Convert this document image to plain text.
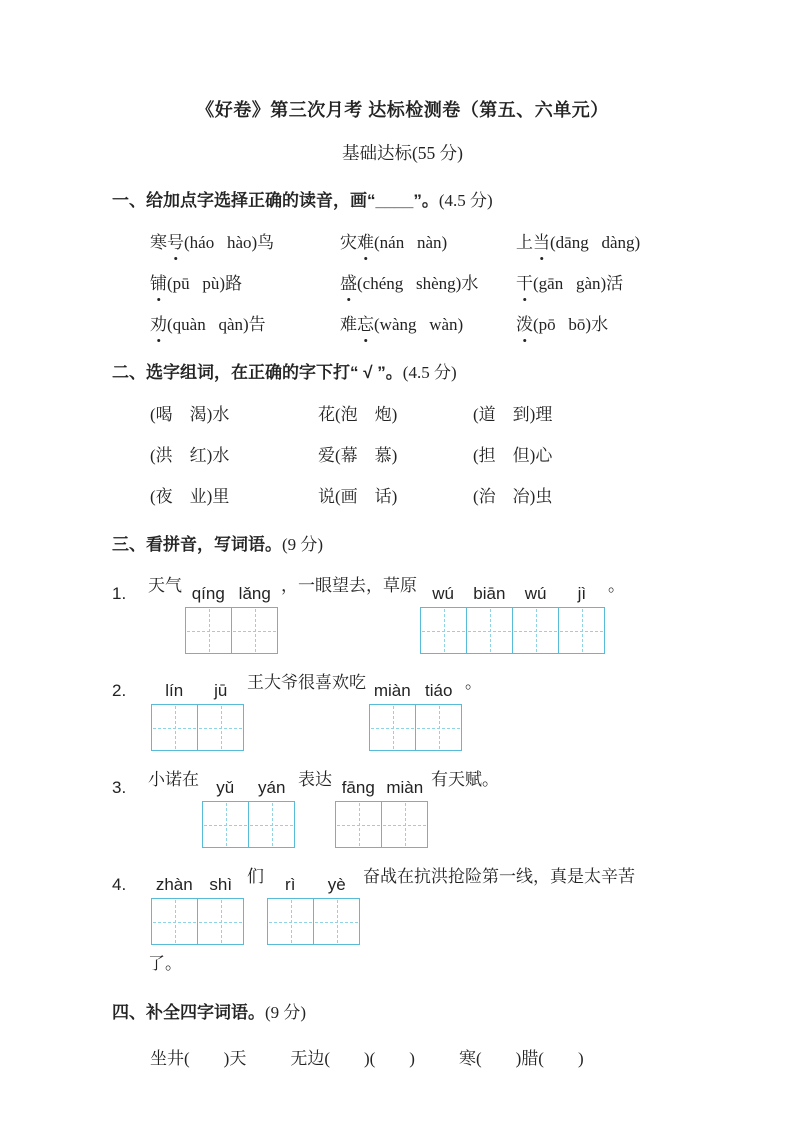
《好卷》第三次月考 达标检测卷（第五、六单元）
基础达标(55 分)
一、给加点字选择正确的读音，画“____”。(4.5 分)
寒号(háo   hào)鸟	灾难(nán   nàn)	上当(dāng   dàng)
铺(pū   pù)路	盛(chéng   shèng)水	干(gān   gàn)活
劝(quàn   qàn)告	难忘(wàng   wàn)	泼(pō   bō)水
二、选字组词，在正确的字下打“ √ ”。(4.5 分)
(喝　渴)水	花(泡　炮)	(道　到)理
(洪　红)水	爱(幕　慕)	(担　但)心
(夜　业)里	说(画　话)	(治　冶)虫
三、看拼音，写词语。(9 分)
1. 天气 qíng lǎng ，一眼望去，草原 wú	biān	wú	jì	。
2.	lín	jū	王大爷很喜欢吃 miàn tiáo 。
3. 小诺在	yǔ	yán 表达 fāng miàn 有天赋。
4. zhàn shì 们	rì	yè	奋战在抗洪抢险第一线，真是太辛苦
了。
四、补全四字词语。(9 分)
坐井(　　)天	无边(　　)(　　)	寒(　　)腊(　　)
